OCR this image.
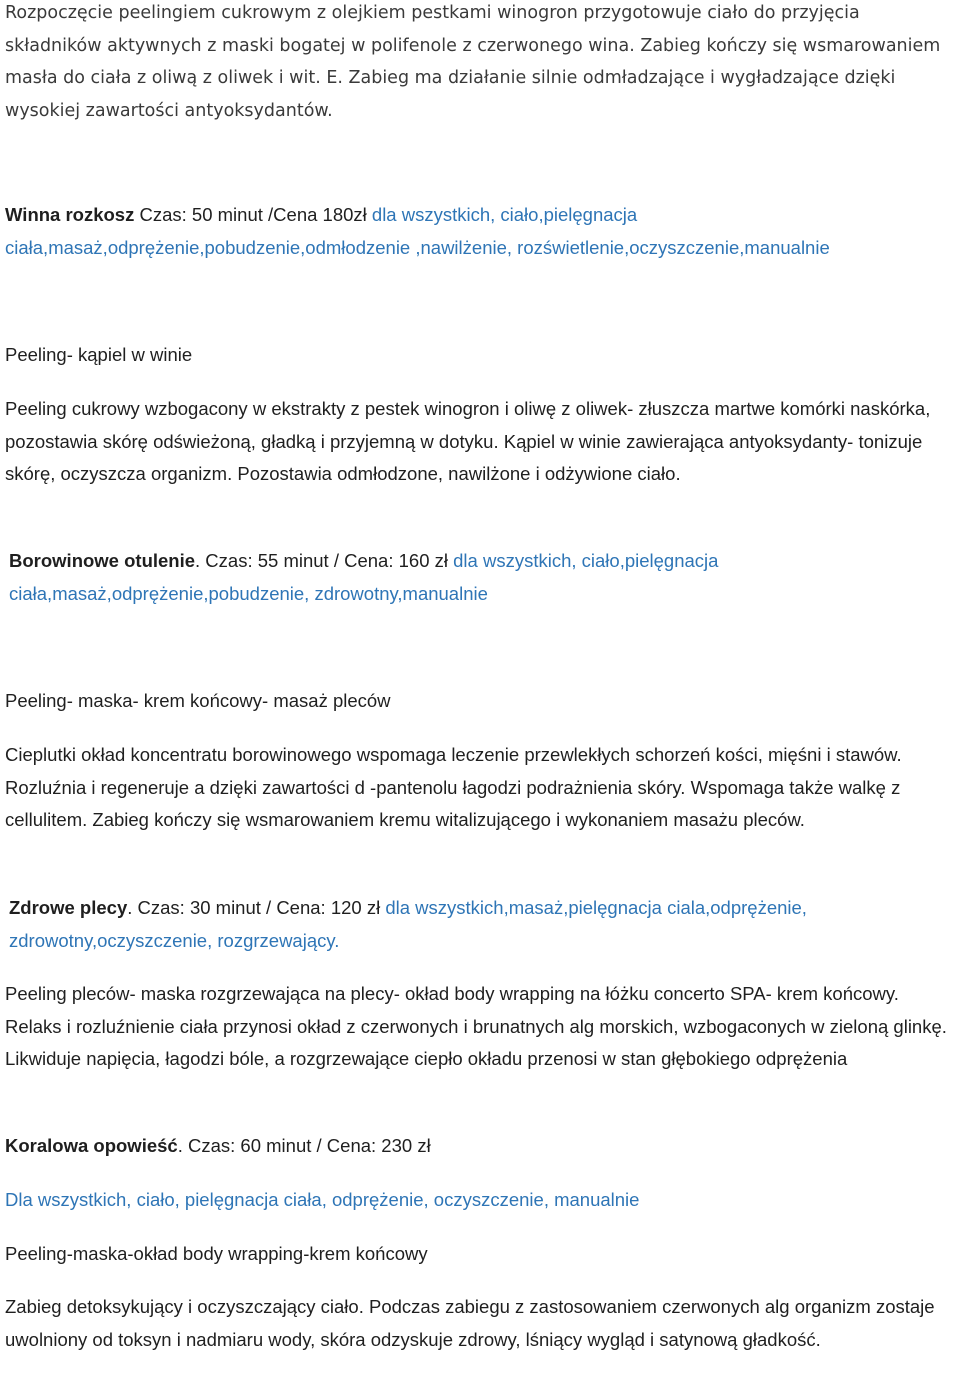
Rozpoczęcie peelingiem cukrowym z olejkiem pestkami winogron przygotowuje ciało do przyjęcia składników aktywnych z maski bogatej w polifenole z czerwonego wina. Zabieg kończy się wsmarowaniem masła do ciała z oliwą z oliwek i wit. E. Zabieg ma działanie silnie odmładzające i wygładzające dzięki wysokiej zawartości antyoksydantów.

Winna rozkosz Czas: 50 minut /Cena 180zł dla wszystkich, ciało,pielęgnacja ciała,masaż,odprężenie,pobudzenie,odmłodzenie ,nawilżenie, rozświetlenie,oczyszczenie,manualnie

Peeling- kąpiel w winie

Peeling cukrowy wzbogacony w ekstrakty z pestek winogron i oliwę z oliwek- złuszcza martwe komórki naskórka, pozostawia skórę odświeżoną, gładką i przyjemną w dotyku. Kąpiel w winie zawierająca antyoksydanty- tonizuje skórę, oczyszcza organizm. Pozostawia odmłodzone, nawilżone i odżywione ciało.

Borowinowe otulenie. Czas: 55 minut / Cena: 160 zł dla wszystkich, ciało,pielęgnacja ciała,masaż,odprężenie,pobudzenie, zdrowotny,manualnie

Peeling- maska- krem końcowy- masaż pleców

Cieplutki okład koncentratu borowinowego wspomaga leczenie przewlekłych schorzeń kości, mięśni i stawów. Rozluźnia i regeneruje a dzięki zawartości d -pantenolu łagodzi podrażnienia skóry. Wspomaga także walkę z cellulitem. Zabieg kończy się wsmarowaniem kremu witalizującego i wykonaniem masażu pleców.

Zdrowe plecy. Czas: 30 minut / Cena: 120 zł dla wszystkich,masaż,pielęgnacja ciala,odprężenie, zdrowotny,oczyszczenie, rozgrzewający.

Peeling pleców- maska rozgrzewająca na plecy- okład body wrapping na łóżku concerto SPA- krem końcowy. Relaks i rozluźnienie ciała przynosi okład z czerwonych i brunatnych alg morskich, wzbogaconych w zieloną glinkę. Likwiduje napięcia, łagodzi bóle, a rozgrzewające ciepło okładu przenosi w stan głębokiego odprężenia

Koralowa opowieść. Czas: 60 minut / Cena: 230 zł

Dla wszystkich, ciało, pielęgnacja ciała, odprężenie, oczyszczenie, manualnie

Peeling-maska-okład body wrapping-krem końcowy

Zabieg detoksykujący i oczyszczający ciało. Podczas zabiegu z zastosowaniem czerwonych alg organizm zostaje uwolniony od toksyn i nadmiaru wody, skóra odzyskuje zdrowy, lśniący wygląd i satynową gładkość.
